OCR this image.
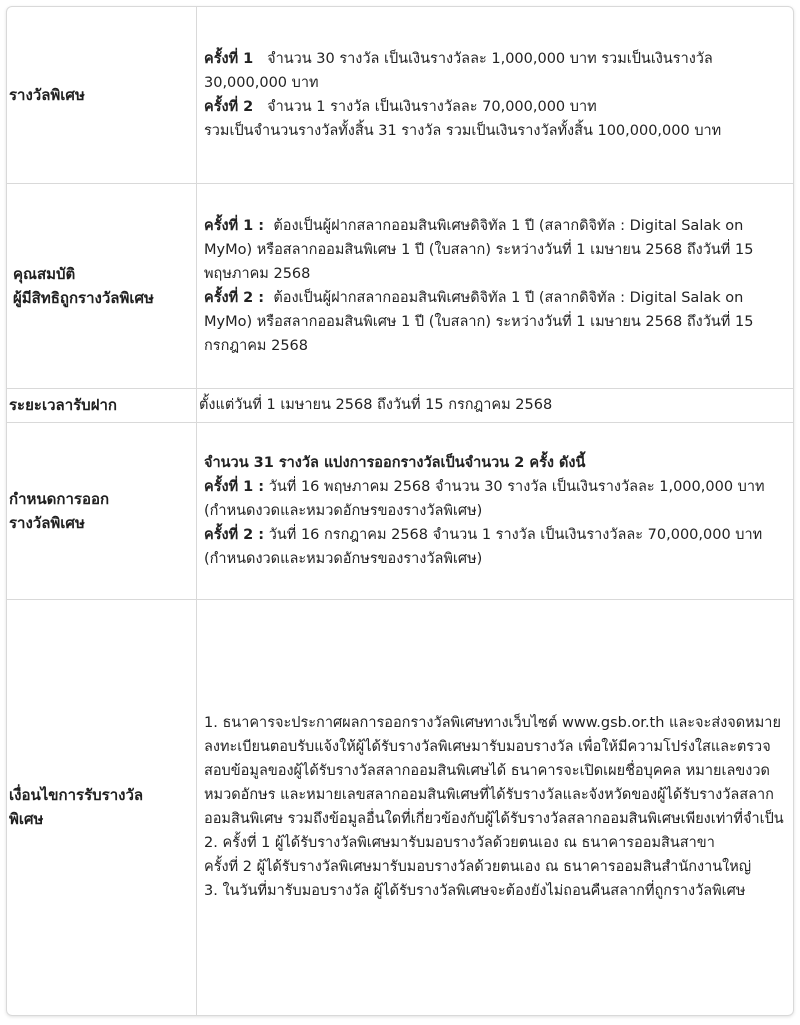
รางวัลพิเศษ	ครั้งที่ 1   จำนวน 30 รางวัล เป็นเงินรางวัลละ 1,000,000 บาท รวมเป็นเงินรางวัล 30,000,000 บาท
ครั้งที่ 2   จำนวน 1 รางวัล เป็นเงินรางวัลละ 70,000,000 บาท
รวมเป็นจำนวนรางวัลทั้งสิ้น 31 รางวัล รวมเป็นเงินรางวัลทั้งสิ้น 100,000,000 บาท

คุณสมบัติ
ผู้มีสิทธิถูกรางวัลพิเศษ	ครั้งที่ 1 :  ต้องเป็นผู้ฝากสลากออมสินพิเศษดิจิทัล 1 ปี (สลากดิจิทัล : Digital Salak on MyMo) หรือสลากออมสินพิเศษ 1 ปี (ใบสลาก) ระหว่างวันที่ 1 เมษายน 2568 ถึงวันที่ 15 พฤษภาคม 2568
ครั้งที่ 2 :  ต้องเป็นผู้ฝากสลากออมสินพิเศษดิจิทัล 1 ปี (สลากดิจิทัล : Digital Salak on MyMo) หรือสลากออมสินพิเศษ 1 ปี (ใบสลาก) ระหว่างวันที่ 1 เมษายน 2568 ถึงวันที่ 15 กรกฎาคม 2568

ระยะเวลารับฝาก	ตั้งแต่วันที่ 1 เมษายน 2568 ถึงวันที่ 15 กรกฎาคม 2568

กำหนดการออก
รางวัลพิเศษ	จำนวน 31 รางวัล แบ่งการออกรางวัลเป็นจำนวน 2 ครั้ง ดังนี้
ครั้งที่ 1 : วันที่ 16 พฤษภาคม 2568 จำนวน 30 รางวัล เป็นเงินรางวัลละ 1,000,000 บาท (กำหนดงวดและหมวดอักษรของรางวัลพิเศษ)
ครั้งที่ 2 : วันที่ 16 กรกฎาคม 2568 จำนวน 1 รางวัล เป็นเงินรางวัลละ 70,000,000 บาท (กำหนดงวดและหมวดอักษรของรางวัลพิเศษ)

เงื่อนไขการรับรางวัล
พิเศษ	1. ธนาคารจะประกาศผลการออกรางวัลพิเศษทางเว็บไซต์ www.gsb.or.th และจะส่งจดหมายลงทะเบียนตอบรับแจ้งให้ผู้ได้รับรางวัลพิเศษมารับมอบรางวัล เพื่อให้มีความโปร่งใสและตรวจสอบข้อมูลของผู้ได้รับรางวัลสลากออมสินพิเศษได้ ธนาคารจะเปิดเผยชื่อบุคคล หมายเลขงวด หมวดอักษร และหมายเลขสลากออมสินพิเศษที่ได้รับรางวัลและจังหวัดของผู้ได้รับรางวัลสลากออมสินพิเศษ รวมถึงข้อมูลอื่นใดที่เกี่ยวข้องกับผู้ได้รับรางวัลสลากออมสินพิเศษเพียงเท่าที่จำเป็น
2. ครั้งที่ 1 ผู้ได้รับรางวัลพิเศษมารับมอบรางวัลด้วยตนเอง ณ ธนาคารออมสินสาขา
ครั้งที่ 2 ผู้ได้รับรางวัลพิเศษมารับมอบรางวัลด้วยตนเอง ณ ธนาคารออมสินสำนักงานใหญ่
3. ในวันที่มารับมอบรางวัล ผู้ได้รับรางวัลพิเศษจะต้องยังไม่ถอนคืนสลากที่ถูกรางวัลพิเศษ
